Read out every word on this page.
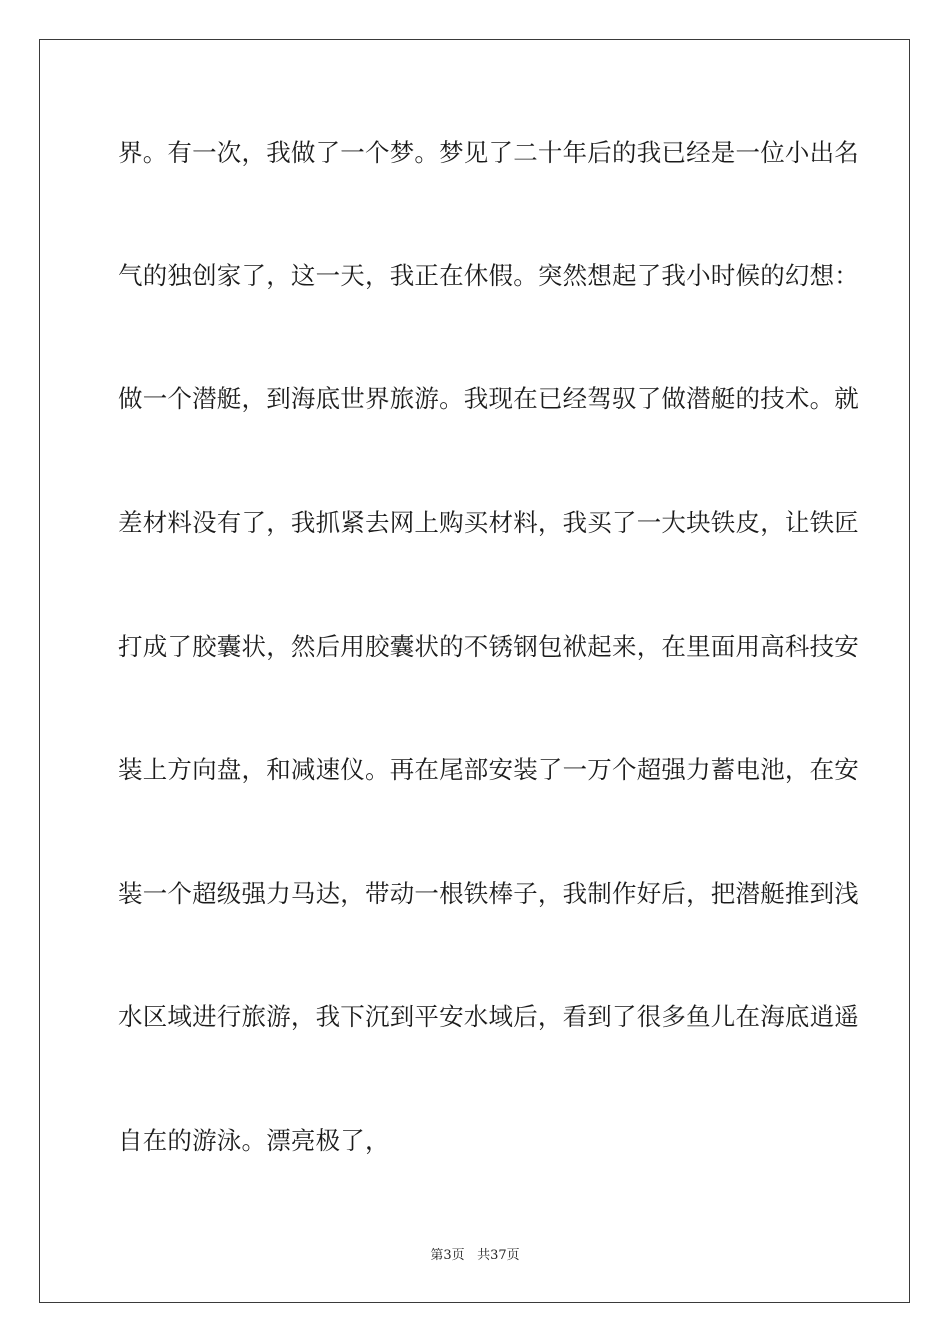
界。有一次，我做了一个梦。梦见了二十年后的我已经是一位小出名
气的独创家了，这一天，我正在休假。突然想起了我小时候的幻想：
做一个潜艇，到海底世界旅游。我现在已经驾驭了做潜艇的技术。就
差材料没有了，我抓紧去网上购买材料，我买了一大块铁皮，让铁匠
打成了胶囊状，然后用胶囊状的不锈钢包袱起来，在里面用高科技安
装上方向盘，和减速仪。再在尾部安装了一万个超强力蓄电池，在安
装一个超级强力马达，带动一根铁棒子，我制作好后，把潜艇推到浅
水区域进行旅游，我下沉到平安水域后，看到了很多鱼儿在海底逍遥
自在的游泳。漂亮极了，
第3页 共37页
